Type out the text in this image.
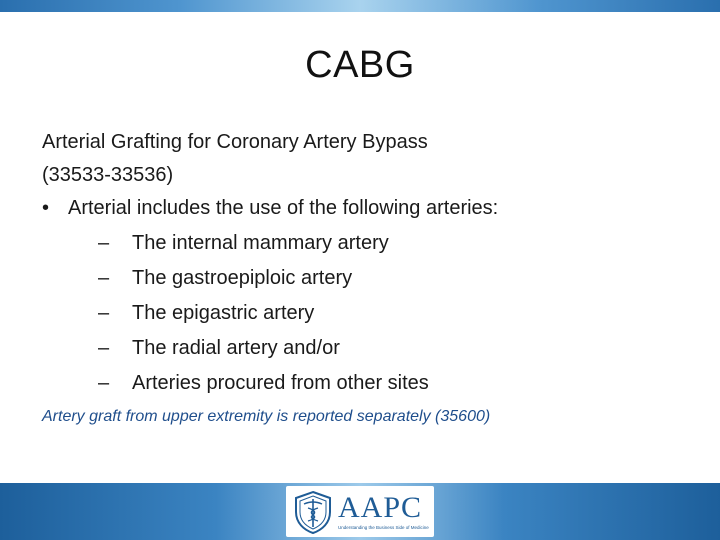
CABG
Arterial Grafting for Coronary Artery Bypass
(33533-33536)
• Arterial includes the use of the following arteries:
–	The internal mammary artery
–	The gastroepiploic artery
–	The epigastric artery
–	The radial artery and/or
–	Arteries procured from other sites
Artery graft from upper extremity is reported separately (35600)
AAPC
Understanding the Business Side of Medicine
